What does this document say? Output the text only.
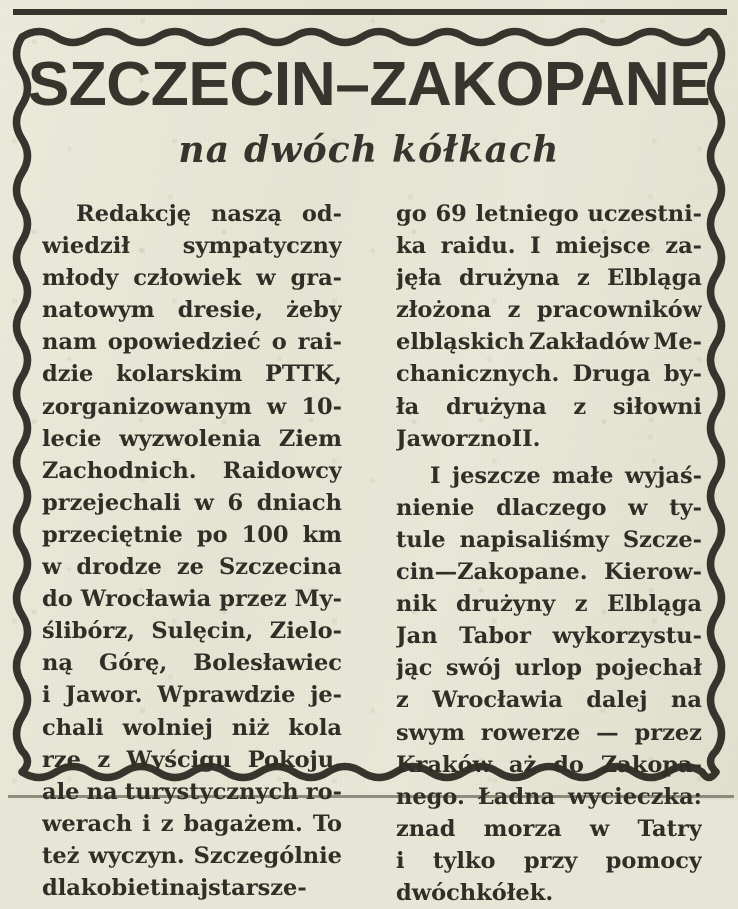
SZCZECIN–ZAKOPANE
na dwóch kółkach
Redakcję naszą od-
wiedził sympatyczny
młody człowiek w gra-
natowym dresie, żeby
nam opowiedzieć o rai-
dzie kolarskim PTTK,
zorganizowanym w 10-
lecie wyzwolenia Ziem
Zachodnich. Raidowcy
przejechali w 6 dniach
przeciętnie po 100 km
w drodze ze Szczecina
do Wrocławia przez My-
ślibórz, Sulęcin, Zielo-
ną Górę, Bolesławiec
i Jawor. Wprawdzie je-
chali wolniej niż kola
rze z Wyścigu Pokoju,
ale na turystycznych ro-
werach i z bagażem. To
też wyczyn. Szczególnie
dla kobiet i najstarsze-
go 69 letniego uczestni-
ka raidu. I miejsce za-
jęła drużyna z Elbląga
złożona z pracowników
elbląskich Zakładów Me-
chanicznych. Druga by-
ła drużyna z siłowni
Jaworzno II.
I jeszcze małe wyjaś-
nienie dlaczego w ty-
tule napisaliśmy Szcze-
cin—Zakopane. Kierow-
nik drużyny z Elbląga
Jan Tabor wykorzystu-
jąc swój urlop pojechał
z Wrocławia dalej na
swym rowerze — przez
Kraków aż do Zakopa-
nego. Ładna wycieczka:
znad morza w Tatry
i tylko przy pomocy
dwóch kółek.
